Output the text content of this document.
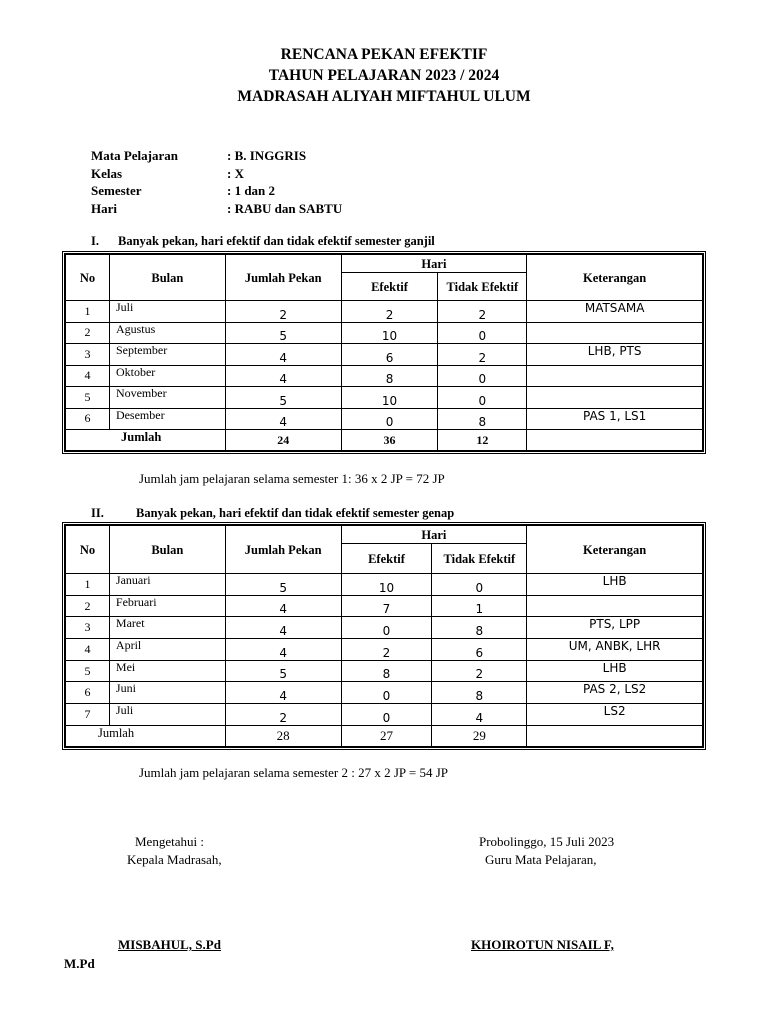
RENCANA PEKAN EFEKTIF
TAHUN PELAJARAN 2023 / 2024
MADRASAH ALIYAH MIFTAHUL ULUM
Mata Pelajaran	: B. INGGRIS
Kelas	: X
Semester	: 1 dan 2
Hari	: RABU dan SABTU
I. Banyak pekan, hari efektif dan tidak efektif semester ganjil
No	Bulan	Jumlah Pekan	Hari		Keterangan
			Efektif	Tidak Efektif	
1	Juli	2	2	2	MATSAMA
2	Agustus	5	10	0	
3	September	4	6	2	LHB, PTS
4	Oktober	4	8	0	
5	November	5	10	0	
6	Desember	4	0	8	PAS 1, LS1
Jumlah		24	36	12	
Jumlah jam pelajaran selama semester 1: 36 x 2 JP = 72 JP
II.	Banyak pekan, hari efektif dan tidak efektif semester genap
No	Bulan	Jumlah Pekan	Hari		Keterangan
			Efektif	Tidak Efektif	
1	Januari	5	10	0	LHB
2	Februari	4	7	1	
3	Maret	4	0	8	PTS, LPP
4	April	4	2	6	UM, ANBK, LHR
5	Mei	5	8	2	LHB
6	Juni	4	0	8	PAS 2, LS2
7	Juli	2	0	4	LS2
Jumlah		28	27	29	
Jumlah jam pelajaran selama semester 2 : 27 x 2 JP = 54 JP
Mengetahui :
Kepala Madrasah,
Probolinggo, 15 Juli 2023
Guru Mata Pelajaran,
MISBAHUL, S.Pd	KHOIROTUN NISAIL F,
M.Pd
